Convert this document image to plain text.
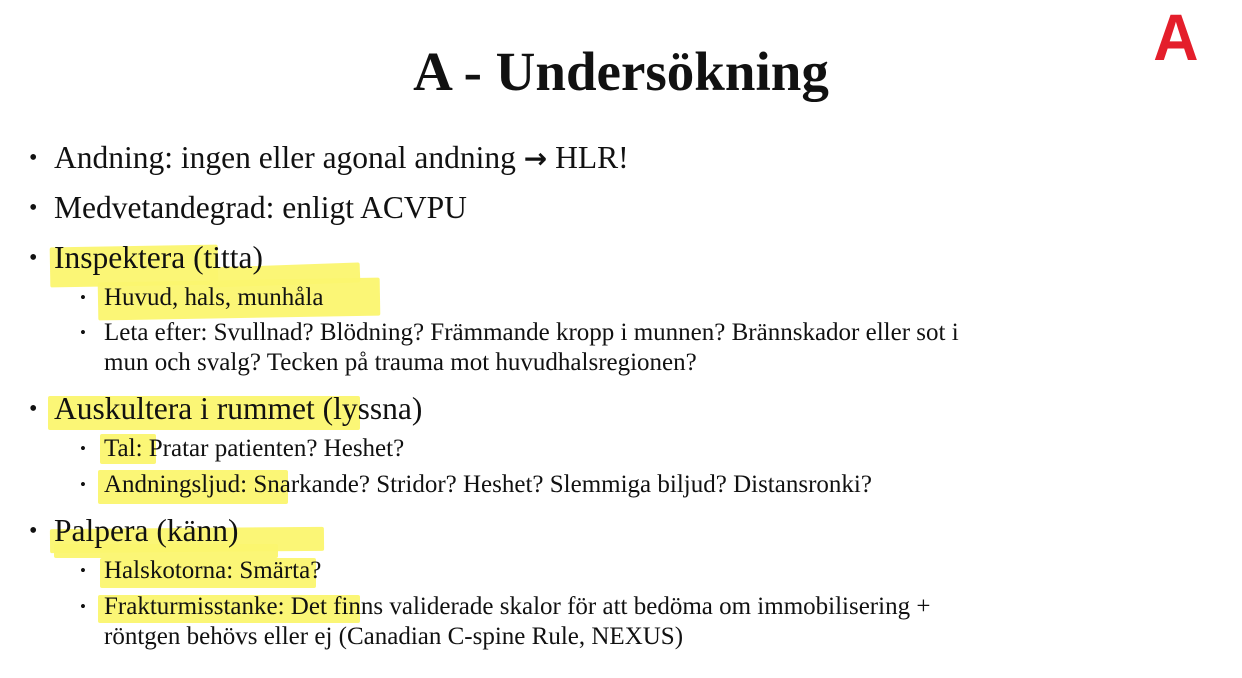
A - Undersökning	A
• Andning: ingen eller agonal andning → HLR!
• Medvetandegrad: enligt ACVPU
• Inspektera (titta)
• Huvud, hals, munhåla
• Leta efter: Svullnad? Blödning? Främmande kropp i munnen? Brännskador eller sot i
mun och svalg? Tecken på trauma mot huvudhalsregionen?
• Auskultera i rummet (lyssna)
• Tal: Pratar patienten? Heshet?
• Andningsljud: Snarkande? Stridor? Heshet? Slemmiga biljud? Distansronki?
• Palpera (känn)
• Halskotorna: Smärta?
• Frakturmisstanke: Det finns validerade skalor för att bedöma om immobilisering +
röntgen behövs eller ej (Canadian C-spine Rule, NEXUS)
